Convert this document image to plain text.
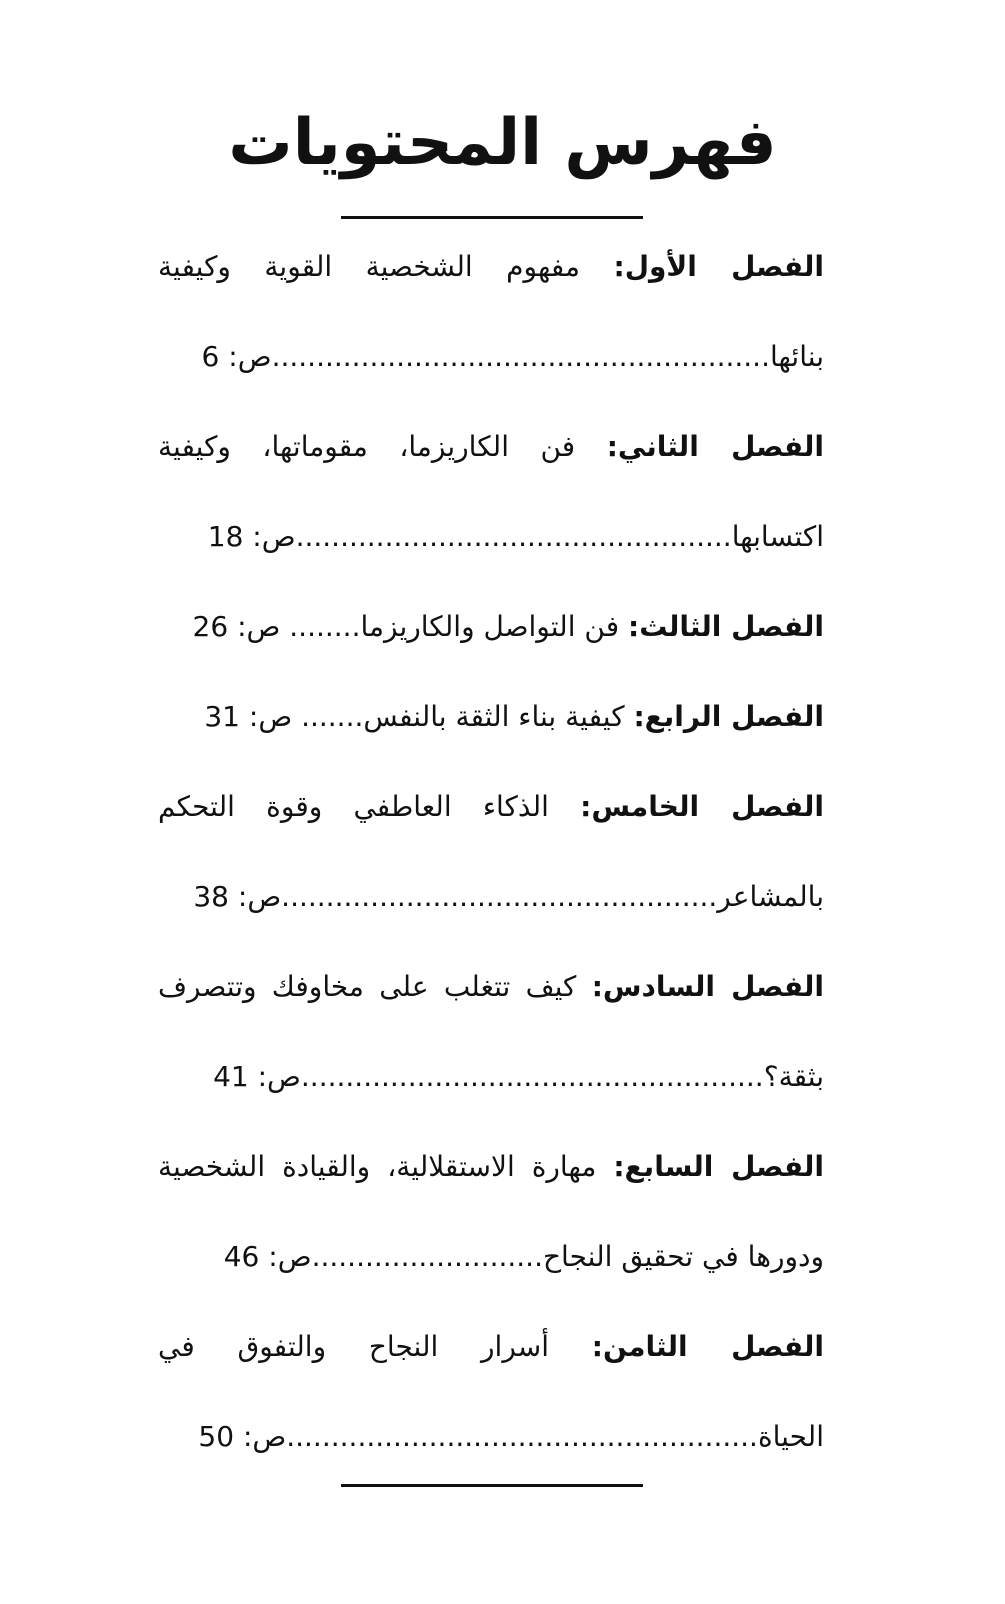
فهرس المحتويات
الفصل الأول: مفهوم الشخصية القوية وكيفية
بنائها........................................................ص: 6
الفصل الثاني: فن الكاريزما، مقوماتها، وكيفية
اكتسابها.................................................ص: 18
الفصل الثالث: فن التواصل والكاريزما........ ص: 26
الفصل الرابع: كيفية بناء الثقة بالنفس....... ص: 31
الفصل الخامس: الذكاء العاطفي وقوة التحكم
بالمشاعر.................................................ص: 38
الفصل السادس: كيف تتغلب على مخاوفك وتتصرف
بثقة؟....................................................ص: 41
الفصل السابع: مهارة الاستقلالية، والقيادة الشخصية
ودورها في تحقيق النجاح..........................ص: 46
الفصل الثامن: أسرار النجاح والتفوق في
الحياة.....................................................ص: 50
